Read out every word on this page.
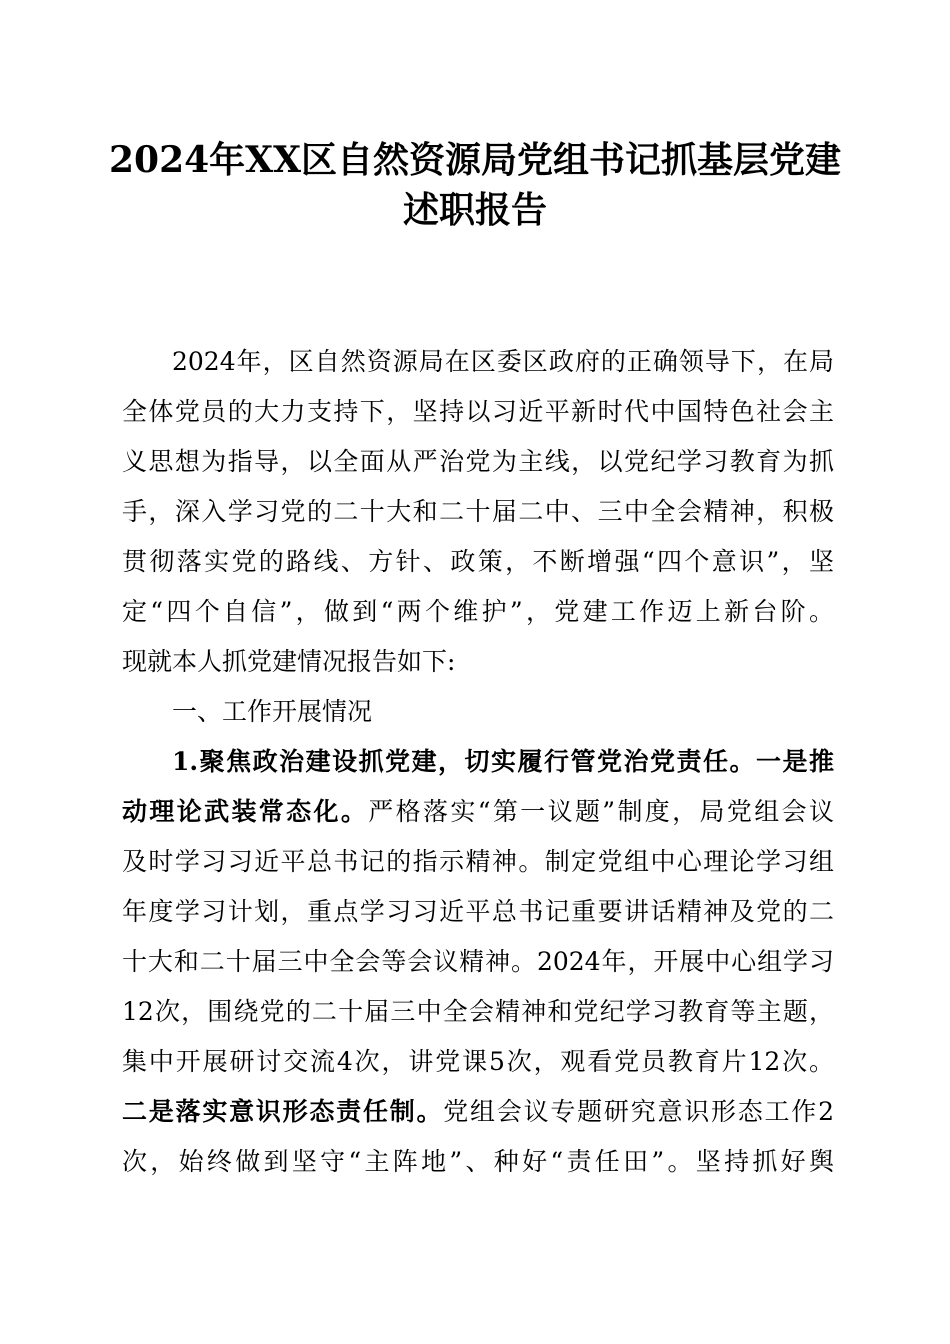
2024年XX区自然资源局党组书记抓基层党建
述职报告
2024年，区自然资源局在区委区政府的正确领导下，在局
全体党员的大力支持下，坚持以习近平新时代中国特色社会主
义思想为指导，以全面从严治党为主线，以党纪学习教育为抓
手，深入学习党的二十大和二十届二中、三中全会精神，积极
贯彻落实党的路线、方针、政策，不断增强“四个意识”，坚
定“四个自信”，做到“两个维护”，党建工作迈上新台阶。
现就本人抓党建情况报告如下:
一、工作开展情况
1.聚焦政治建设抓党建，切实履行管党治党责任。一是推
动理论武装常态化。严格落实“第一议题”制度，局党组会议
及时学习习近平总书记的指示精神。制定党组中心理论学习组
年度学习计划，重点学习习近平总书记重要讲话精神及党的二
十大和二十届三中全会等会议精神。2024年，开展中心组学习
12次，围绕党的二十届三中全会精神和党纪学习教育等主题，
集中开展研讨交流4次，讲党课5次，观看党员教育片12次。
二是落实意识形态责任制。党组会议专题研究意识形态工作2
次，始终做到坚守“主阵地”、种好“责任田”。坚持抓好舆
